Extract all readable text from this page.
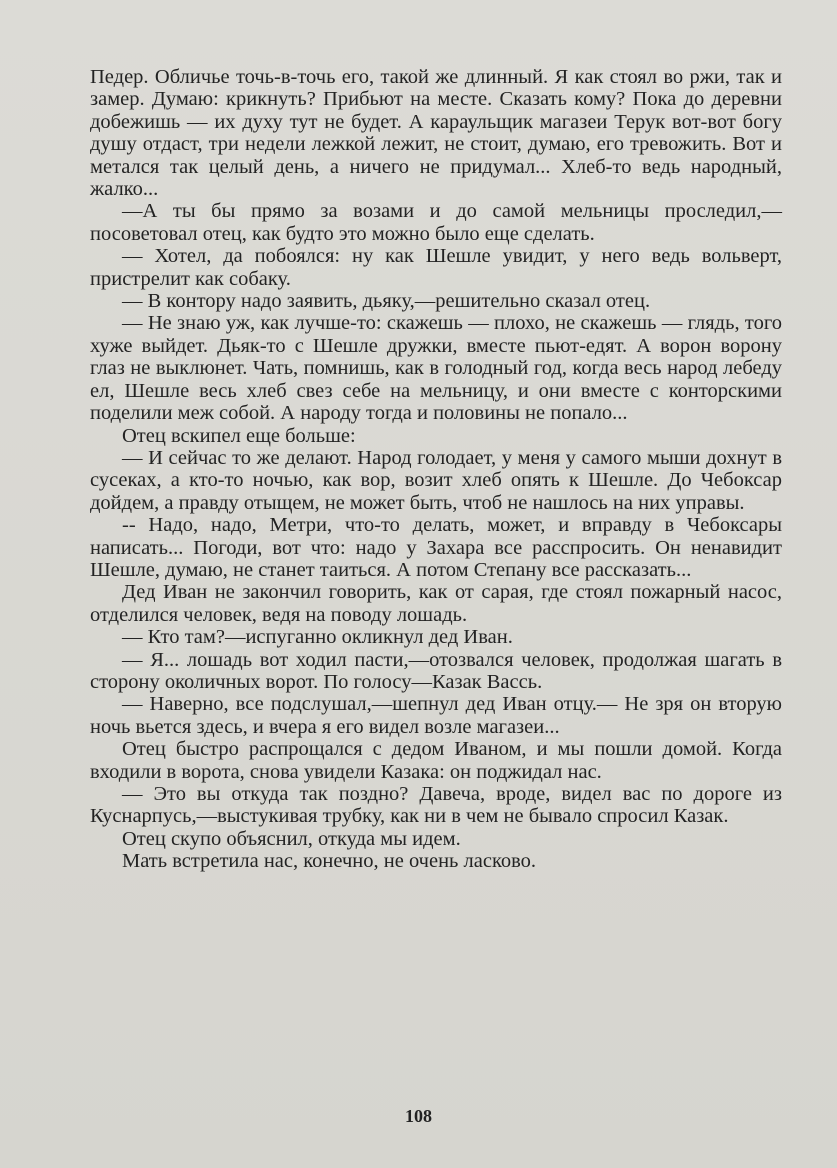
Педер. Обличье точь-в-точь его, такой же длинный. Я как стоял во ржи, так и замер. Думаю: крикнуть? Прибьют на месте. Сказать кому? Пока до деревни добежишь — их духу тут не будет. А караульщик магазеи Терук вот-вот богу душу отдаст, три недели лежкой лежит, не стоит, думаю, его тревожить. Вот и метался так целый день, а ничего не придумал... Хлеб-то ведь народный, жалко...

—А ты бы прямо за возами и до самой мельницы проследил,—посоветовал отец, как будто это можно было еще сделать.

— Хотел, да побоялся: ну как Шешле увидит, у него ведь вольверт, пристрелит как собаку.

— В контору надо заявить, дьяку,—решительно сказал отец.

— Не знаю уж, как лучше-то: скажешь — плохо, не скажешь — глядь, того хуже выйдет. Дьяк-то с Шешле дружки, вместе пьют-едят. А ворон ворону глаз не выклюнет. Чать, помнишь, как в голодный год, когда весь народ лебеду ел, Шешле весь хлеб свез себе на мельницу, и они вместе с конторскими поделили меж собой. А народу тогда и половины не попало...

Отец вскипел еще больше:

— И сейчас то же делают. Народ голодает, у меня у самого мыши дохнут в сусеках, а кто-то ночью, как вор, возит хлеб опять к Шешле. До Чебоксар дойдем, а правду отыщем, не может быть, чтоб не нашлось на них управы.

-- Надо, надо, Метри, что-то делать, может, и вправду в Чебоксары написать... Погоди, вот что: надо у Захара все расспросить. Он ненавидит Шешле, думаю, не станет таиться. А потом Степану все рассказать...

Дед Иван не закончил говорить, как от сарая, где стоял пожарный насос, отделился человек, ведя на поводу лошадь.

— Кто там?—испуганно окликнул дед Иван.

— Я... лошадь вот ходил пасти,—отозвался человек, продолжая шагать в сторону околичных ворот. По голосу—Казак Вассь.

— Наверно, все подслушал,—шепнул дед Иван отцу.— Не зря он вторую ночь вьется здесь, и вчера я его видел возле магазеи...

Отец быстро распрощался с дедом Иваном, и мы пошли домой. Когда входили в ворота, снова увидели Казака: он поджидал нас.

— Это вы откуда так поздно? Давеча, вроде, видел вас по дороге из Куснарпусь,—выстукивая трубку, как ни в чем не бывало спросил Казак.

Отец скупо объяснил, откуда мы идем.

Мать встретила нас, конечно, не очень ласково.

108
